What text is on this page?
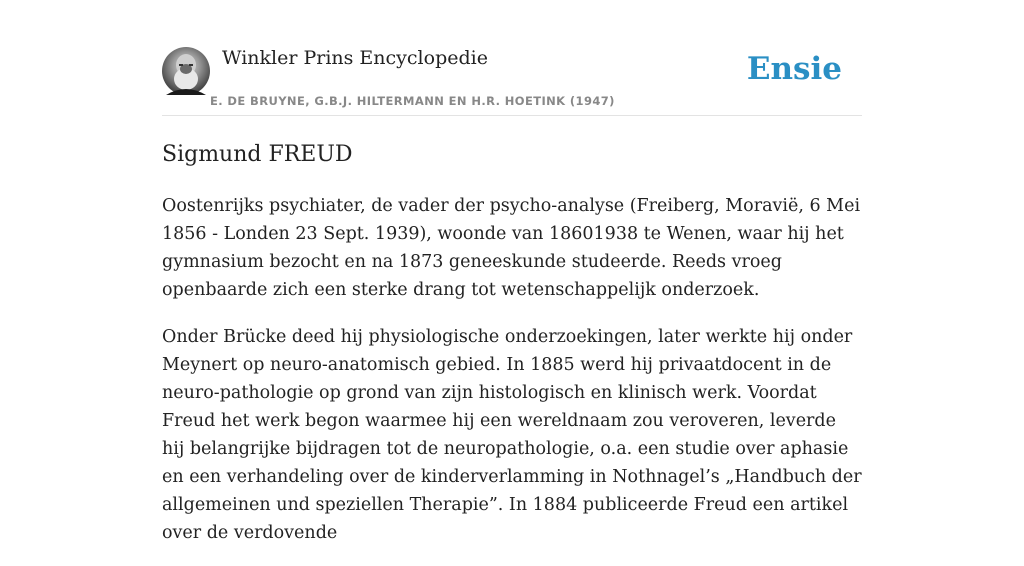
Winkler Prins Encyclopedie
E. DE BRUYNE, G.B.J. HILTERMANN EN H.R. HOETINK (1947)
Ensie
Sigmund FREUD

Oostenrijks psychiater, de vader der psycho-analyse (Freiberg, Moravië, 6 Mei 1856 - Londen 23 Sept. 1939), woonde van 18601938 te Wenen, waar hij het gymnasium bezocht en na 1873 geneeskunde studeerde. Reeds vroeg openbaarde zich een sterke drang tot wetenschappelijk onderzoek.

Onder Brücke deed hij physiologische onderzoekingen, later werkte hij onder Meynert op neuro-anatomisch gebied. In 1885 werd hij privaatdocent in de neuro-pathologie op grond van zijn histologisch en klinisch werk. Voordat Freud het werk begon waarmee hij een wereldnaam zou veroveren, leverde hij belangrijke bijdragen tot de neuropathologie, o.a. een studie over aphasie en een verhandeling over de kinderverlamming in Nothnagel’s „Handbuch der allgemeinen und speziellen Therapie”. In 1884 publiceerde Freud een artikel over de verdovende
